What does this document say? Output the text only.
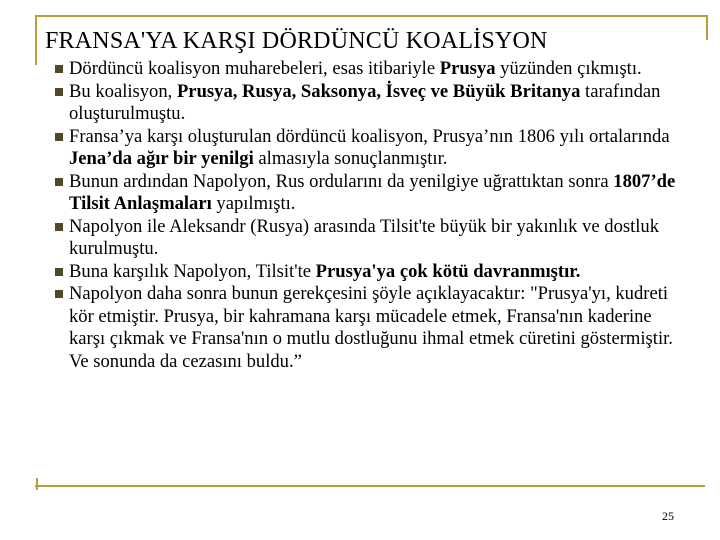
FRANSA'YA KARŞI DÖRDÜNCÜ KOALİSYON
Dördüncü koalisyon muharebeleri, esas itibariyle Prusya yüzünden çıkmıştı.
Bu koalisyon, Prusya, Rusya, Saksonya, İsveç ve Büyük Britanya tarafından oluşturulmuştu.
Fransa’ya karşı oluşturulan dördüncü koalisyon, Prusya’nın 1806 yılı ortalarında Jena’da ağır bir yenilgi almasıyla sonuçlanmıştır.
Bunun ardından Napolyon, Rus ordularını da yenilgiye uğrattıktan sonra 1807’de Tilsit Anlaşmaları yapılmıştı.
Napolyon ile Aleksandr (Rusya) arasında Tilsit'te büyük bir yakınlık ve dostluk kurulmuştu.
Buna karşılık Napolyon, Tilsit'te Prusya'ya çok kötü davranmıştır.
Napolyon daha sonra bunun gerekçesini şöyle açıklayacaktır: "Prusya'yı, kudreti kör etmiştir. Prusya, bir kahramana karşı mücadele etmek, Fransa'nın kaderine karşı çıkmak ve Fransa'nın o mutlu dostluğunu ihmal etmek cüretini göstermiştir. Ve sonunda da cezasını buldu.”
25
